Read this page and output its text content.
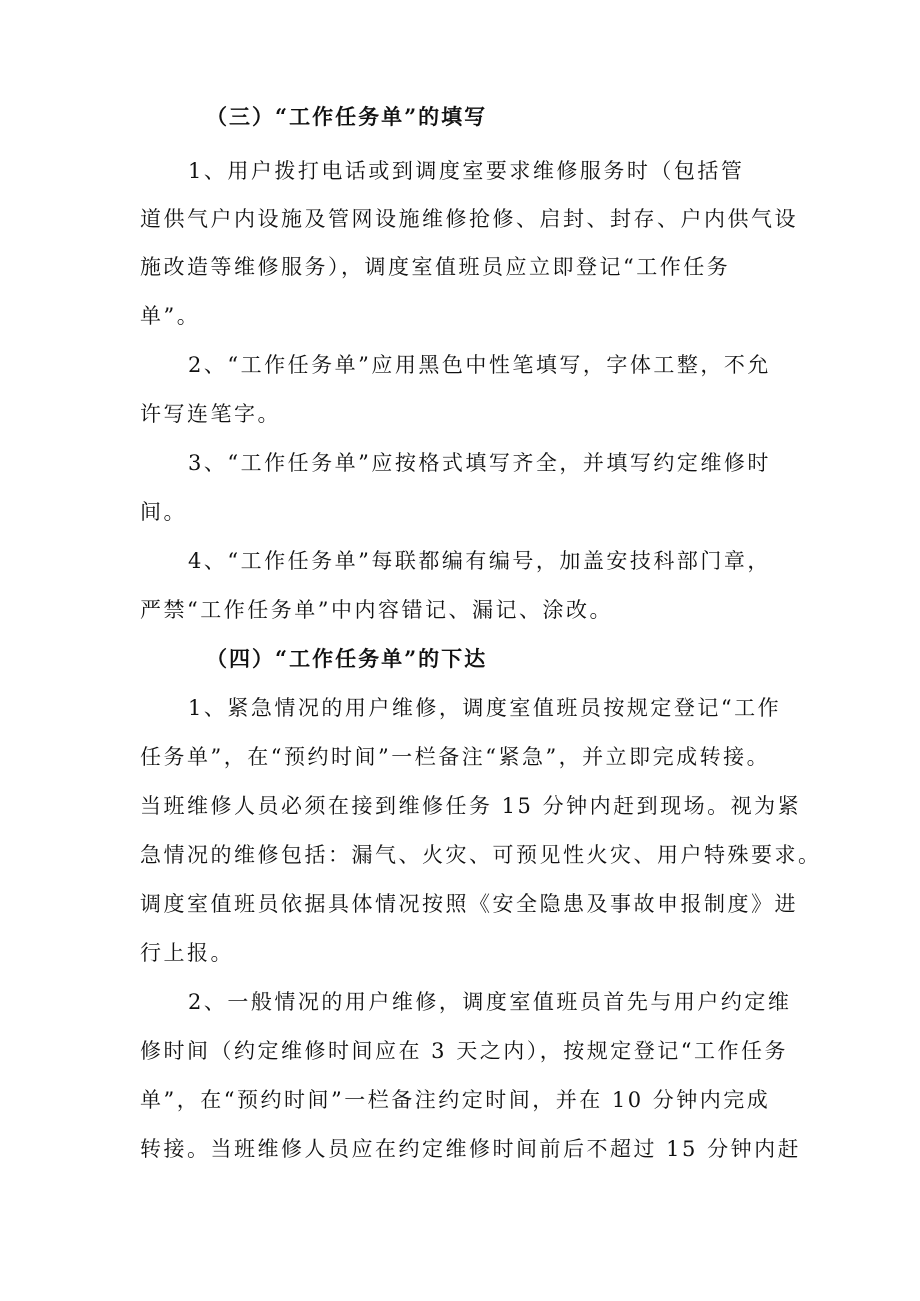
（三）“工作任务单”的填写
1、用户拨打电话或到调度室要求维修服务时（包括管
道供气户内设施及管网设施维修抢修、启封、封存、户内供气设
施改造等维修服务），调度室值班员应立即登记“工作任务
单”。
2、“工作任务单”应用黑色中性笔填写，字体工整，不允
许写连笔字。
3、“工作任务单”应按格式填写齐全，并填写约定维修时
间。
4、“工作任务单”每联都编有编号，加盖安技科部门章，
严禁“工作任务单”中内容错记、漏记、涂改。
（四）“工作任务单”的下达
1、紧急情况的用户维修，调度室值班员按规定登记“工作
任务单”，在“预约时间”一栏备注“紧急”，并立即完成转接。
当班维修人员必须在接到维修任务 15 分钟内赶到现场。视为紧
急情况的维修包括：漏气、火灾、可预见性火灾、用户特殊要求。
调度室值班员依据具体情况按照《安全隐患及事故申报制度》进
行上报。
2、一般情况的用户维修，调度室值班员首先与用户约定维
修时间（约定维修时间应在 3 天之内），按规定登记“工作任务
单”，在“预约时间”一栏备注约定时间，并在 10 分钟内完成
转接。当班维修人员应在约定维修时间前后不超过 15 分钟内赶
